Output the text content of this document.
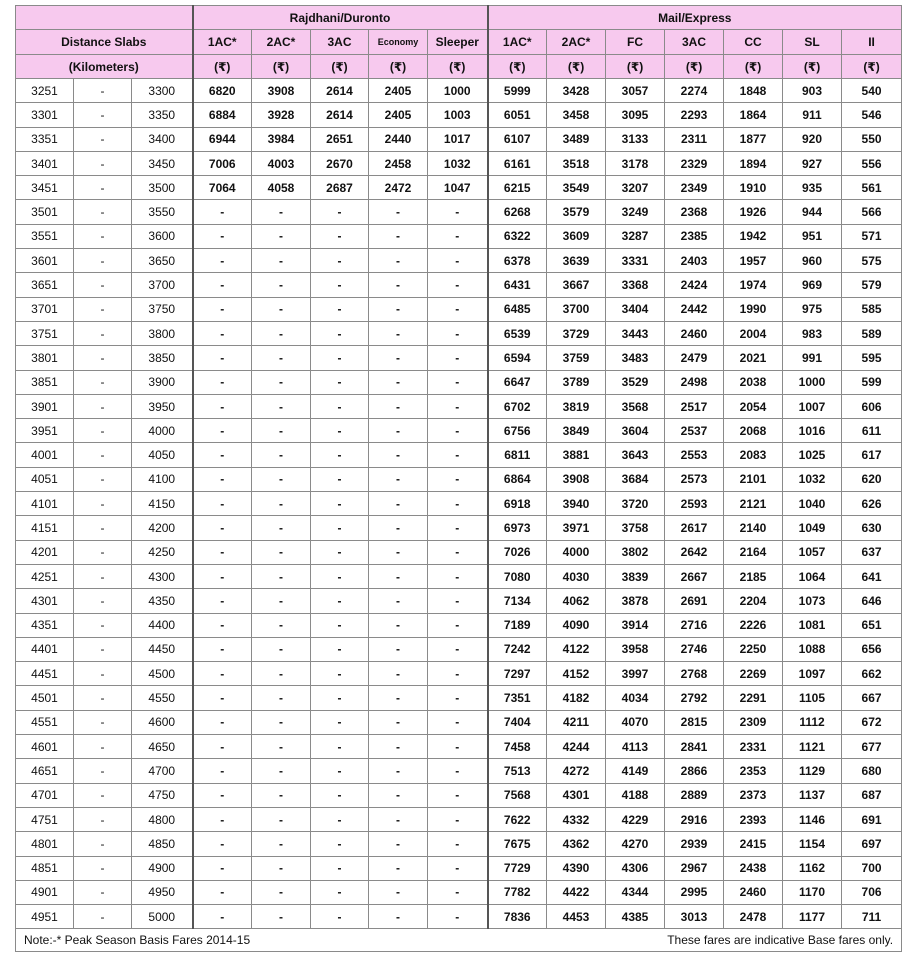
			Rajdhani/Duronto					Mail/Express						
Distance Slabs			1AC*	2AC*	3AC	Economy	Sleeper	1AC*	2AC*	FC	3AC	CC	SL	II
(Kilometers)			(₹)	(₹)	(₹)	(₹)	(₹)	(₹)	(₹)	(₹)	(₹)	(₹)	(₹)	(₹)
3251	-	3300	6820	3908	2614	2405	1000	5999	3428	3057	2274	1848	903	540
3301	-	3350	6884	3928	2614	2405	1003	6051	3458	3095	2293	1864	911	546
3351	-	3400	6944	3984	2651	2440	1017	6107	3489	3133	2311	1877	920	550
3401	-	3450	7006	4003	2670	2458	1032	6161	3518	3178	2329	1894	927	556
3451	-	3500	7064	4058	2687	2472	1047	6215	3549	3207	2349	1910	935	561
3501	-	3550	-	-	-	-	-	6268	3579	3249	2368	1926	944	566
3551	-	3600	-	-	-	-	-	6322	3609	3287	2385	1942	951	571
3601	-	3650	-	-	-	-	-	6378	3639	3331	2403	1957	960	575
3651	-	3700	-	-	-	-	-	6431	3667	3368	2424	1974	969	579
3701	-	3750	-	-	-	-	-	6485	3700	3404	2442	1990	975	585
3751	-	3800	-	-	-	-	-	6539	3729	3443	2460	2004	983	589
3801	-	3850	-	-	-	-	-	6594	3759	3483	2479	2021	991	595
3851	-	3900	-	-	-	-	-	6647	3789	3529	2498	2038	1000	599
3901	-	3950	-	-	-	-	-	6702	3819	3568	2517	2054	1007	606
3951	-	4000	-	-	-	-	-	6756	3849	3604	2537	2068	1016	611
4001	-	4050	-	-	-	-	-	6811	3881	3643	2553	2083	1025	617
4051	-	4100	-	-	-	-	-	6864	3908	3684	2573	2101	1032	620
4101	-	4150	-	-	-	-	-	6918	3940	3720	2593	2121	1040	626
4151	-	4200	-	-	-	-	-	6973	3971	3758	2617	2140	1049	630
4201	-	4250	-	-	-	-	-	7026	4000	3802	2642	2164	1057	637
4251	-	4300	-	-	-	-	-	7080	4030	3839	2667	2185	1064	641
4301	-	4350	-	-	-	-	-	7134	4062	3878	2691	2204	1073	646
4351	-	4400	-	-	-	-	-	7189	4090	3914	2716	2226	1081	651
4401	-	4450	-	-	-	-	-	7242	4122	3958	2746	2250	1088	656
4451	-	4500	-	-	-	-	-	7297	4152	3997	2768	2269	1097	662
4501	-	4550	-	-	-	-	-	7351	4182	4034	2792	2291	1105	667
4551	-	4600	-	-	-	-	-	7404	4211	4070	2815	2309	1112	672
4601	-	4650	-	-	-	-	-	7458	4244	4113	2841	2331	1121	677
4651	-	4700	-	-	-	-	-	7513	4272	4149	2866	2353	1129	680
4701	-	4750	-	-	-	-	-	7568	4301	4188	2889	2373	1137	687
4751	-	4800	-	-	-	-	-	7622	4332	4229	2916	2393	1146	691
4801	-	4850	-	-	-	-	-	7675	4362	4270	2939	2415	1154	697
4851	-	4900	-	-	-	-	-	7729	4390	4306	2967	2438	1162	700
4901	-	4950	-	-	-	-	-	7782	4422	4344	2995	2460	1170	706
4951	-	5000	-	-	-	-	-	7836	4453	4385	3013	2478	1177	711

Note:-* Peak Season Basis Fares 2014-15 These fares are indicative Base fares only.														
